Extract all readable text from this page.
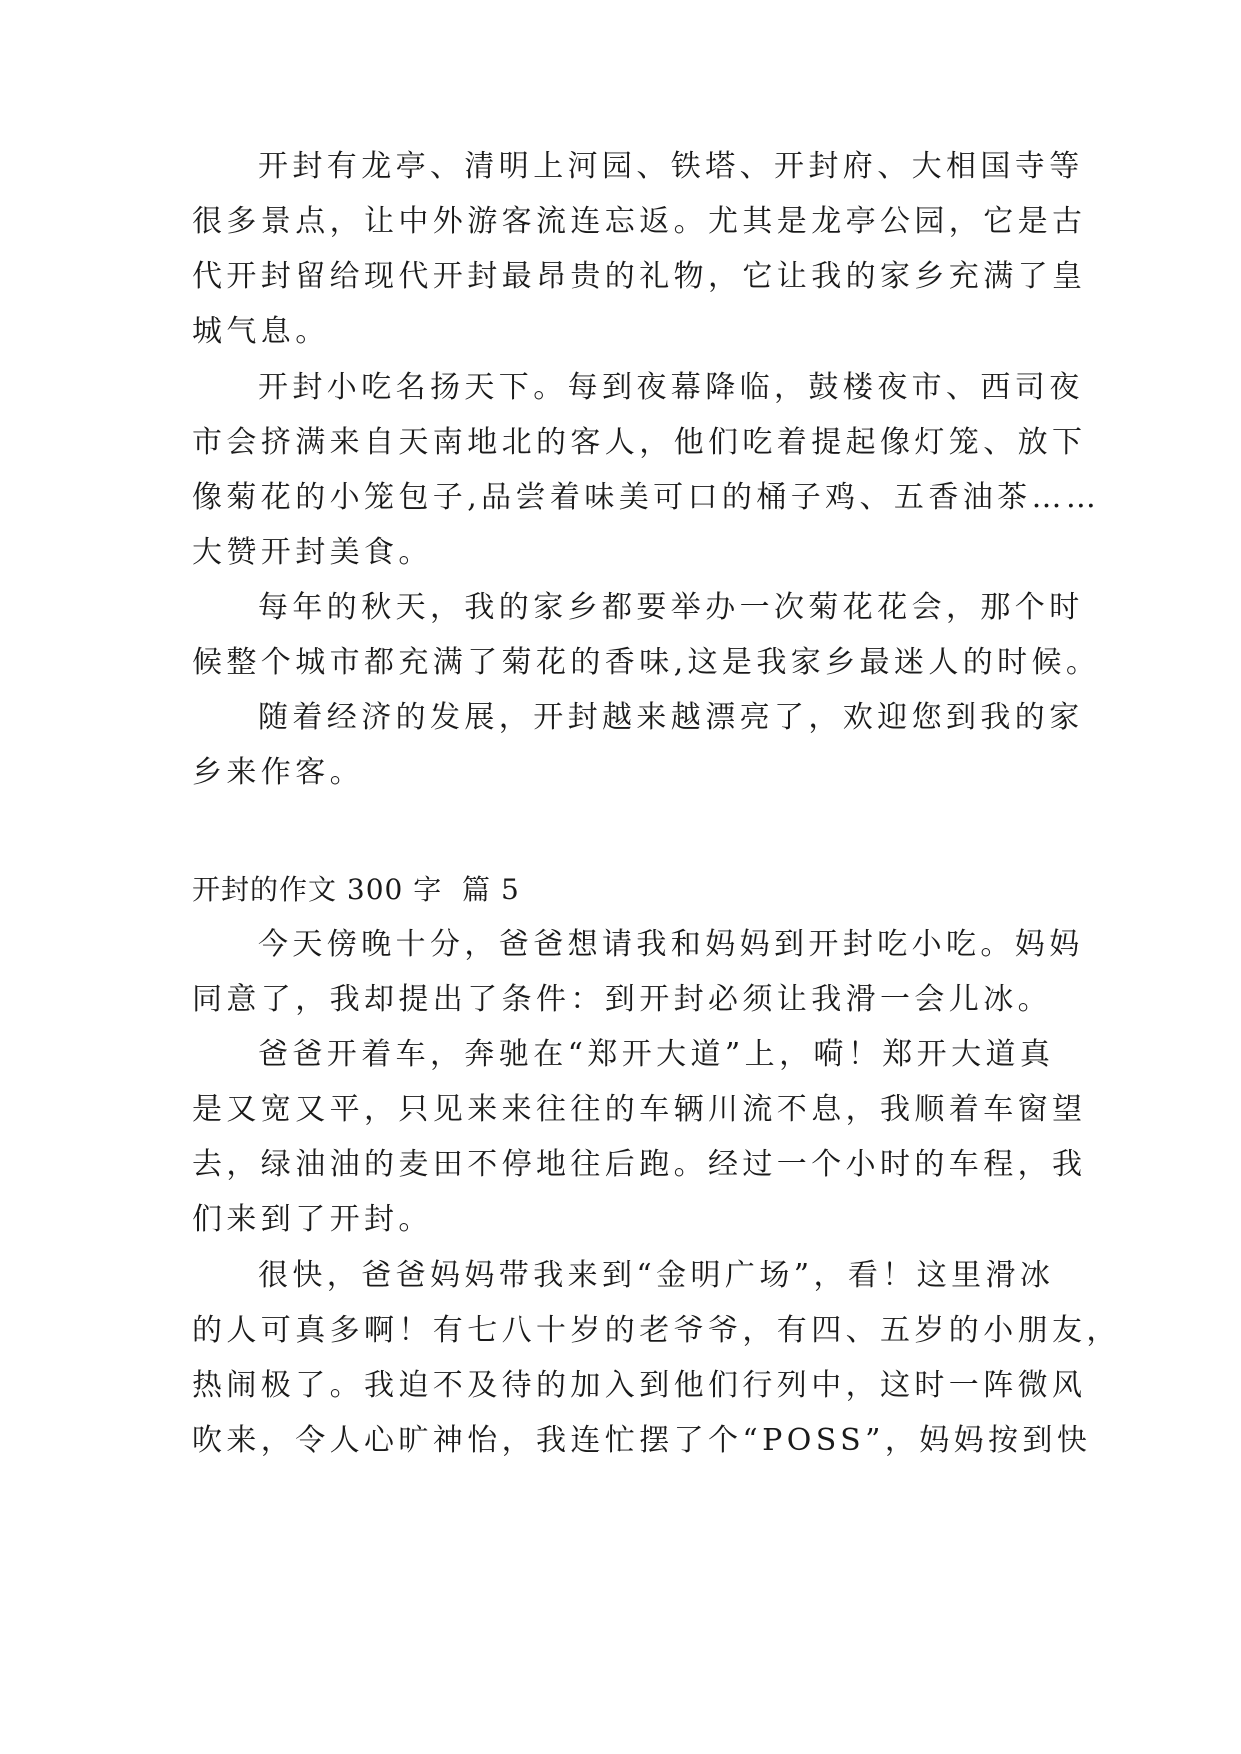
开封有龙亭、清明上河园、铁塔、开封府、大相国寺等
很多景点，让中外游客流连忘返。尤其是龙亭公园，它是古
代开封留给现代开封最昂贵的礼物，它让我的家乡充满了皇
城气息。
开封小吃名扬天下。每到夜幕降临，鼓楼夜市、西司夜
市会挤满来自天南地北的客人，他们吃着提起像灯笼、放下
像菊花的小笼包子,品尝着味美可口的桶子鸡、五香油茶……
大赞开封美食。
每年的秋天，我的家乡都要举办一次菊花花会，那个时
候整个城市都充满了菊花的香味,这是我家乡最迷人的时候。
随着经济的发展，开封越来越漂亮了，欢迎您到我的家
乡来作客。
开封的作文 300 字  篇 5
今天傍晚十分，爸爸想请我和妈妈到开封吃小吃。妈妈
同意了，我却提出了条件：到开封必须让我滑一会儿冰。
爸爸开着车，奔驰在“郑开大道”上，嗬！郑开大道真
是又宽又平，只见来来往往的车辆川流不息，我顺着车窗望
去，绿油油的麦田不停地往后跑。经过一个小时的车程，我
们来到了开封。
很快，爸爸妈妈带我来到“金明广场”，看！这里滑冰
的人可真多啊！有七八十岁的老爷爷，有四、五岁的小朋友，
热闹极了。我迫不及待的加入到他们行列中，这时一阵微风
吹来，令人心旷神怡，我连忙摆了个“POSS”，妈妈按到快
